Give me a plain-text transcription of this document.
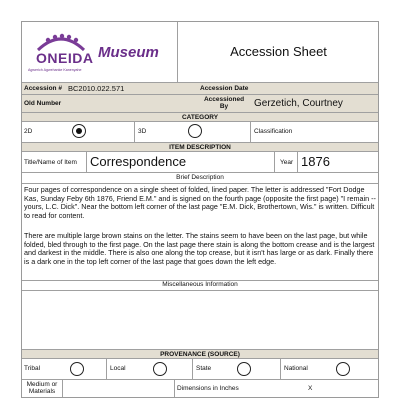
ONEIDA
Agwerich Agwehanke Kanenyahe
Museum	Accession Sheet
Accession # BC2010.022.571	Accession Date
Old Number
Accessioned By	Gerzetich, Courtney
CATEGORY
2D	3D	Classification
ITEM DESCRIPTION
Title/Name of Item Correspondence	Year 1876
Brief Description
Four pages of correspondence on a single sheet of folded, lined paper. The letter is addressed "Fort Dodge Kas, Sunday Feby 6th 1876, Friend E.M." and is signed on the fourth page (opposite the first page) "I remain -- yours, L.C. Dick". Near the bottom left corner of the last page "E.M. Dick, Brothertown, Wis." is written. Difficult to read for content.
There are multiple large brown stains on the letter. The stains seem to have been on the last page, but while folded, bled through to the first page. On the last page there stain is along the bottom crease and is the largest and darkest in the middle. There is also one along the top crease, but it isn't has large or as dark. Finally there is a dark one in the top left corner of the last page that goes down the left edge.
Miscellaneous Information
PROVENANCE (SOURCE)
Tribal	Local	State	National
Medium or Materials	Dimensions in Inches	X
